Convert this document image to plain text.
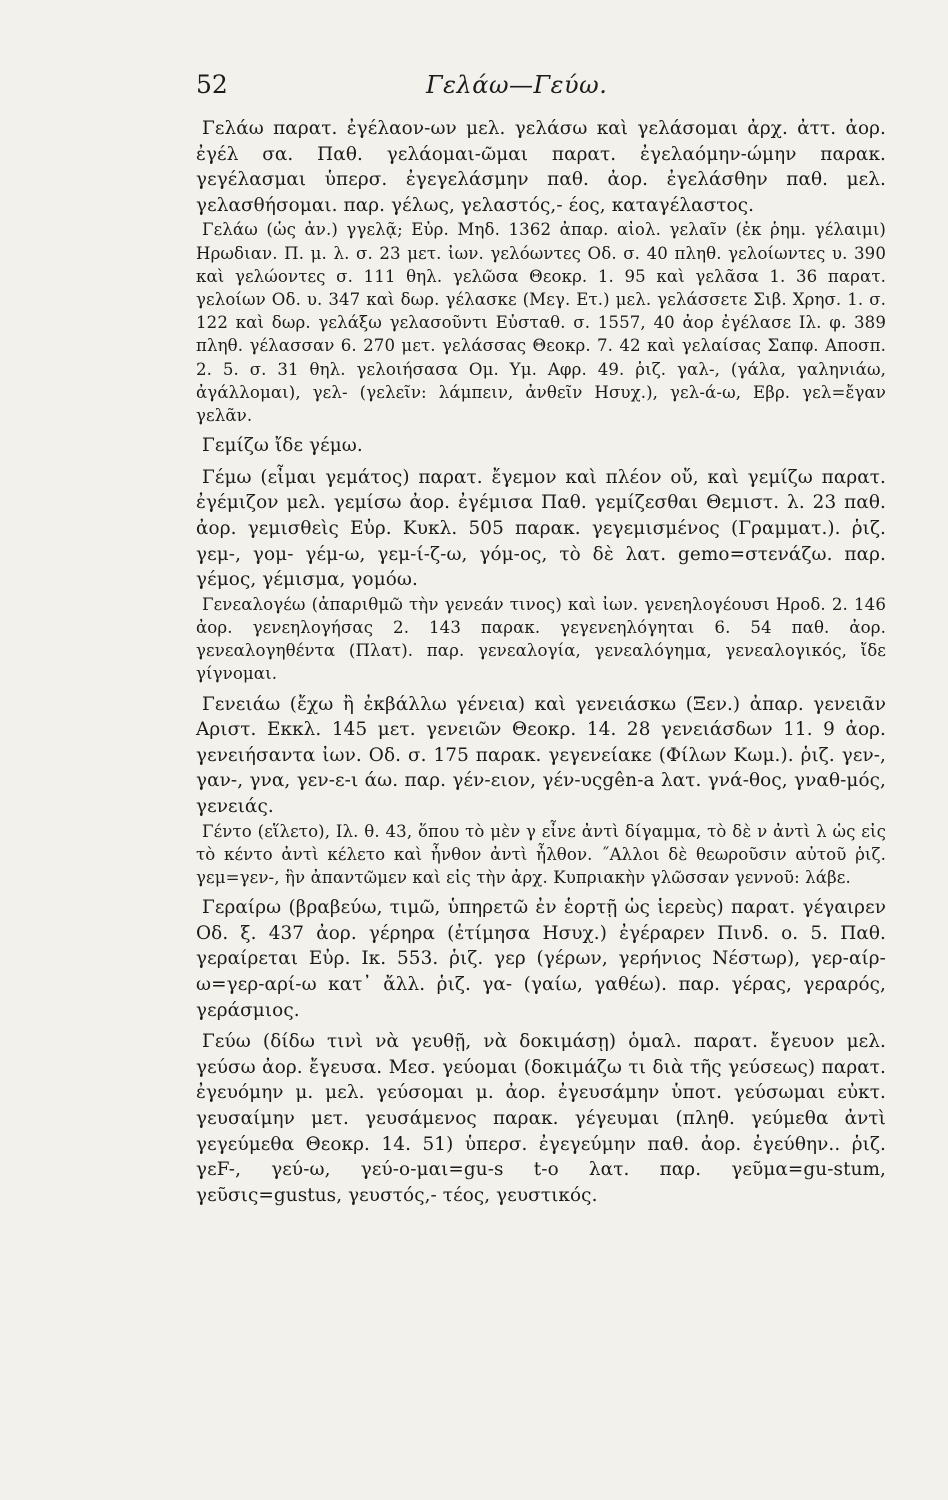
52	Γελάω—Γεύω.

Γελάω παρατ. ἐγέλαον-ων μελ. γελάσω καὶ γελάσομαι ἀρχ. ἀττ. ἀορ. ἐγέλ σα. Παθ. γελάομαι-ῶμαι παρατ. ἐγελαόμην-ώμην παρακ. γεγέλασμαι ὑπερσ. ἐγεγελάσμην παθ. ἀορ. ἐγελάσθην παθ. μελ. γελασθήσομαι. παρ. γέλως, γελαστός,- έος, καταγέλαστος.

Γελάω (ὡς ἀν.) γγελᾷ; Εὐρ. Μηδ. 1362 ἀπαρ. αἰολ. γελαῖν (ἐκ ῥημ. γέλαιμι) Ηρωδιαν. Π. μ. λ. σ. 23 μετ. ἰων. γελόωντες Οδ. σ. 40 πληθ. γελοίωντες υ. 390 καὶ γελώοντες σ. 111 θηλ. γελῶσα Θεοκρ. 1. 95 καὶ γελᾶσα 1. 36 παρατ. γελοίων Οδ. υ. 347 καὶ δωρ. γέλασκε (Μεγ. Ετ.) μελ. γελάσσετε Σιβ. Χρησ. 1. σ. 122 καὶ δωρ. γελάξω γελασοῦντι Εὐσταθ. σ. 1557, 40 ἀορ ἐγέλασε Ιλ. φ. 389 πληθ. γέλασσαν 6. 270 μετ. γελάσσας Θεοκρ. 7. 42 καὶ γελαίσας Σαπφ. Αποσπ. 2. 5. σ. 31 θηλ. γελοιήσασα Ομ. Υμ. Αφρ. 49. ῥιζ. γαλ-, (γάλα, γαληνιάω, ἀγάλλομαι), γελ- (γελεῖν: λάμπειν, ἀνθεῖν Ησυχ.), γελ-ά-ω, Εβρ. γελ=ἔγαν γελᾶν.

Γεμίζω ἴδε γέμω.

Γέμω (εἶμαι γεμάτος) παρατ. ἔγεμον καὶ πλέον οὔ, καὶ γεμίζω παρατ. ἐγέμιζον μελ. γεμίσω ἀορ. ἐγέμισα Παθ. γεμίζεσθαι Θεμιστ. λ. 23 παθ. ἀορ. γεμισθεὶς Εὐρ. Κυκλ. 505 παρακ. γεγεμισμένος (Γραμματ.). ῥιζ. γεμ-, γομ- γέμ-ω, γεμ-ί-ζ-ω, γόμ-ος, τὸ δὲ λατ. gemo=στενάζω. παρ. γέμος, γέμισμα, γομόω.

Γενεαλογέω (ἀπαριθμῶ τὴν γενεάν τινος) καὶ ἰων. γενεηλογέουσι Ηροδ. 2. 146 ἀορ. γενεηλογήσας 2. 143 παρακ. γεγενεηλόγηται 6. 54 παθ. ἀορ. γενεαλογηθέντα (Πλατ). παρ. γενεαλογία, γενεαλόγημα, γενεαλογικός, ἴδε γίγνομαι.

Γενειάω (ἔχω ἢ ἐκβάλλω γένεια) καὶ γενειάσκω (Ξεν.) ἀπαρ. γενειᾶν Αριστ. Εκκλ. 145 μετ. γενειῶν Θεοκρ. 14. 28 γενειάσδων 11. 9 ἀορ. γενειήσαντα ἰων. Οδ. σ. 175 παρακ. γεγενείακε (Φίλων Κωμ.). ῥιζ. γεν-, γαν-, γνα, γεν-ε-ι άω. παρ. γέν-ειον, γέν-υςgên-a λατ. γνά-θος, γναθ-μός, γενειάς.

Γέντο (εἵλετο), Ιλ. θ. 43, ὅπου τὸ μὲν γ εἶνε ἀντὶ δίγαμμα, τὸ δὲ ν ἀντὶ λ ὡς εἰς τὸ κέντο ἀντὶ κέλετο καὶ ἦνθον ἀντὶ ἦλθον. ˝Αλλοι δὲ θεωροῦσιν αὐτοῦ ῥιζ. γεμ=γεν-, ἣν ἀπαντῶμεν καὶ εἰς τὴν ἀρχ. Κυπριακὴν γλῶσσαν γεννοῦ: λάβε.

Γεραίρω (βραβεύω, τιμῶ, ὑπηρετῶ ἐν ἑορτῇ ὡς ἱερεὺς) παρατ. γέγαιρεν Οδ. ξ. 437 ἀορ. γέρηρα (ἐτίμησα Ησυχ.) ἐγέραρεν Πινδ. ο. 5. Παθ. γεραίρεται Εὐρ. Ικ. 553. ῥιζ. γερ (γέρων, γερήνιος Νέστωρ), γερ-αίρ-ω=γερ-αρί-ω κατ᾽ ἄλλ. ῥιζ. γα- (γαίω, γαθέω). παρ. γέρας, γεραρός, γεράσμιος.

Γεύω (δίδω τινὶ νὰ γευθῇ, νὰ δοκιμάσῃ) ὁμαλ. παρατ. ἔγευον μελ. γεύσω ἀορ. ἔγευσα. Μεσ. γεύομαι (δοκιμάζω τι διὰ τῆς γεύσεως) παρατ. ἐγευόμην μ. μελ. γεύσομαι μ. ἀορ. ἐγευσάμην ὑποτ. γεύσωμαι εὐκτ. γευσαίμην μετ. γευσάμενος παρακ. γέγευμαι (πληθ. γεύμεθα ἀντὶ γεγεύμεθα Θεοκρ. 14. 51) ὑπερσ. ἐγεγεύμην παθ. ἀορ. ἐγεύθην.. ῥιζ. γεF-, γεύ-ω, γεύ-ο-μαι=gu-s t-o λατ. παρ. γεῦμα=gu-stum, γεῦσις=gustus, γευστός,- τέος, γευστικός.
